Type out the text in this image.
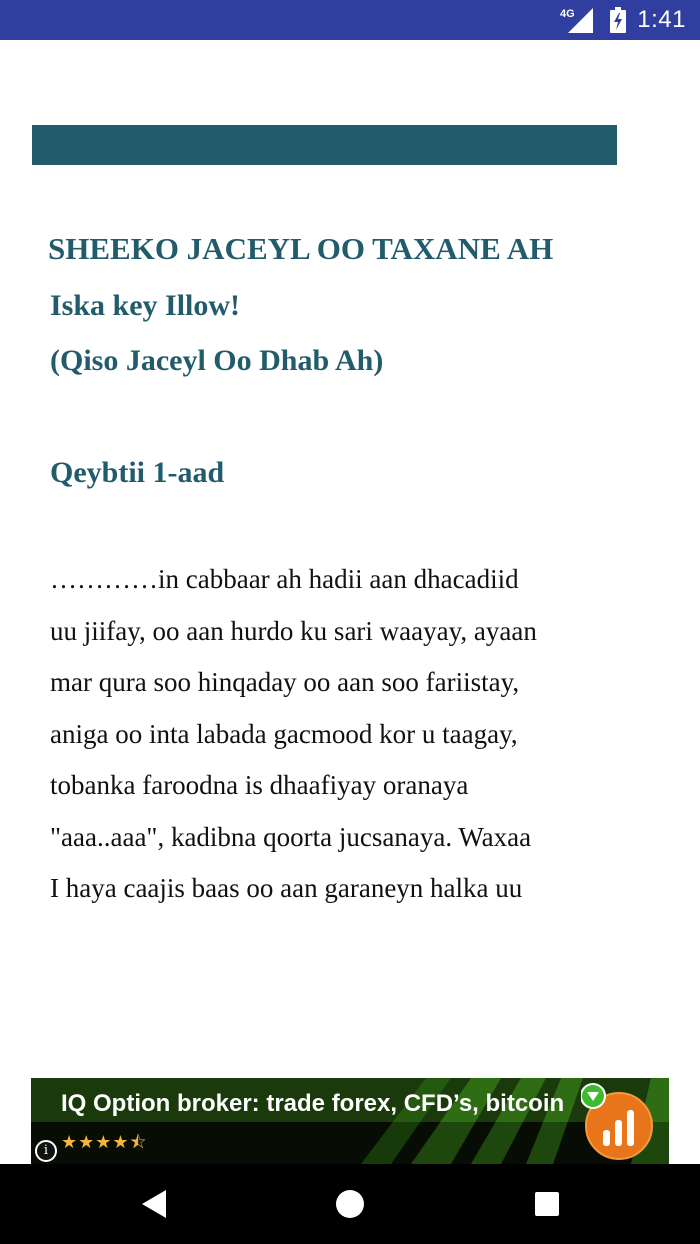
4G	1:41
SHEEKO JACEYL OO TAXANE AH
Iska key Illow!
(Qiso Jaceyl Oo Dhab Ah)
Qeybtii 1-aad
…………in cabbaar ah hadii aan dhacadiid
uu jiifay, oo aan hurdo ku sari waayay, ayaan
mar qura soo hinqaday oo aan soo fariistay,
aniga oo inta labada gacmood kor u taagay,
tobanka faroodna is dhaafiyay oranaya
"aaa..aaa", kadibna qoorta jucsanaya. Waxaa
I haya caajis baas oo aan garaneyn halka uu
IQ Option broker: trade forex, CFD’s, bitcoin
★★★★⯪
i
